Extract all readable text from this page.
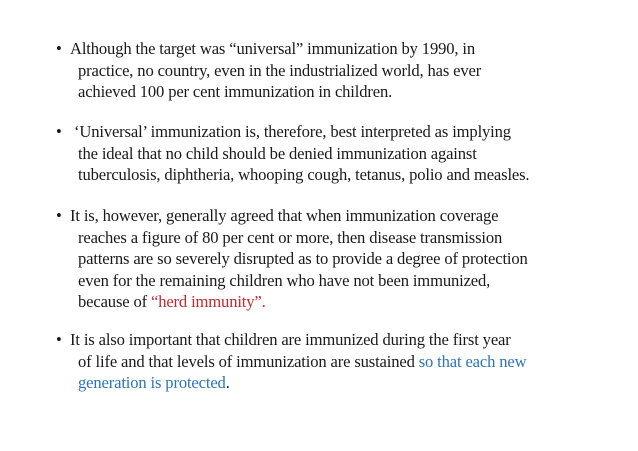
• Although the target was “universal” immunization by 1990, in
practice, no country, even in the industrialized world, has ever
achieved 100 per cent immunization in children.
• ‘Universal’ immunization is, therefore, best interpreted as implying
the ideal that no child should be denied immunization against
tuberculosis, diphtheria, whooping cough, tetanus, polio and measles.
• It is, however, generally agreed that when immunization coverage
reaches a figure of 80 per cent or more, then disease transmission
patterns are so severely disrupted as to provide a degree of protection
even for the remaining children who have not been immunized,
because of “herd immunity”.
• It is also important that children are immunized during the first year
of life and that levels of immunization are sustained so that each new
generation is protected.
